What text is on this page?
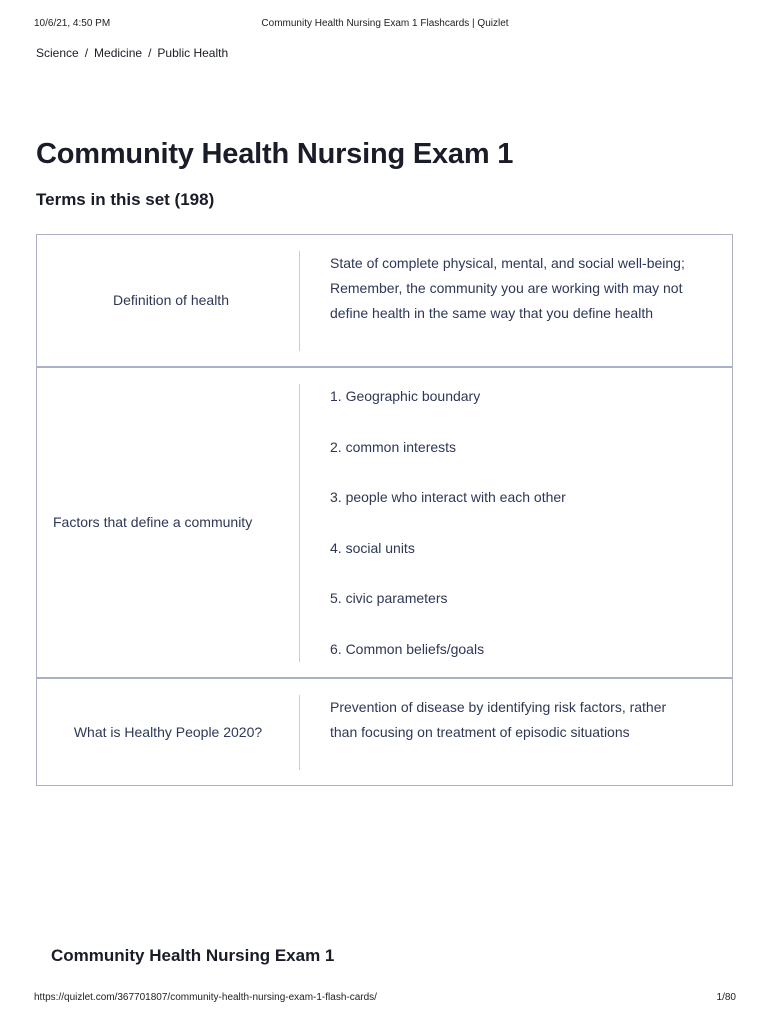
10/6/21, 4:50 PM	Community Health Nursing Exam 1 Flashcards | Quizlet
Science / Medicine / Public Health
Community Health Nursing Exam 1
Terms in this set (198)
Definition of health
State of complete physical, mental, and social well-being; Remember, the community you are working with may not define health in the same way that you define health
Factors that define a community
1. Geographic boundary
2. common interests
3. people who interact with each other
4. social units
5. civic parameters
6. Common beliefs/goals
What is Healthy People 2020?
Prevention of disease by identifying risk factors, rather than focusing on treatment of episodic situations
Community Health Nursing Exam 1
https://quizlet.com/367701807/community-health-nursing-exam-1-flash-cards/	1/80
